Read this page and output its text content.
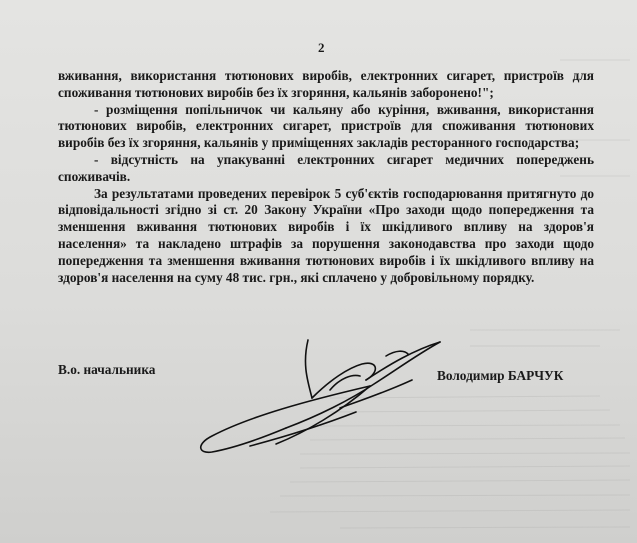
2

вживання, використання тютюнових виробів, електронних сигарет, пристроїв для споживання тютюнових виробів без їх згоряння, кальянів заборонено!";

- розміщення попільничок чи кальяну або куріння, вживання, використання тютюнових виробів, електронних сигарет, пристроїв для споживання тютюнових виробів без їх згоряння, кальянів у приміщеннях закладів ресторанного господарства;

- відсутність на упакуванні електронних сигарет медичних попереджень споживачів.

За результатами проведених перевірок 5 суб'єктів господарювання притягнуто до відповідальності згідно зі ст. 20 Закону України «Про заходи щодо попередження та зменшення вживання тютюнових виробів і їх шкідливого впливу на здоров'я населення» та накладено штрафів за порушення законодавства про заходи щодо попередження та зменшення вживання тютюнових виробів і їх шкідливого впливу на здоров'я населення на суму 48 тис. грн., які сплачено у добровільному порядку.

В.о. начальника	Володимир БАРЧУК
